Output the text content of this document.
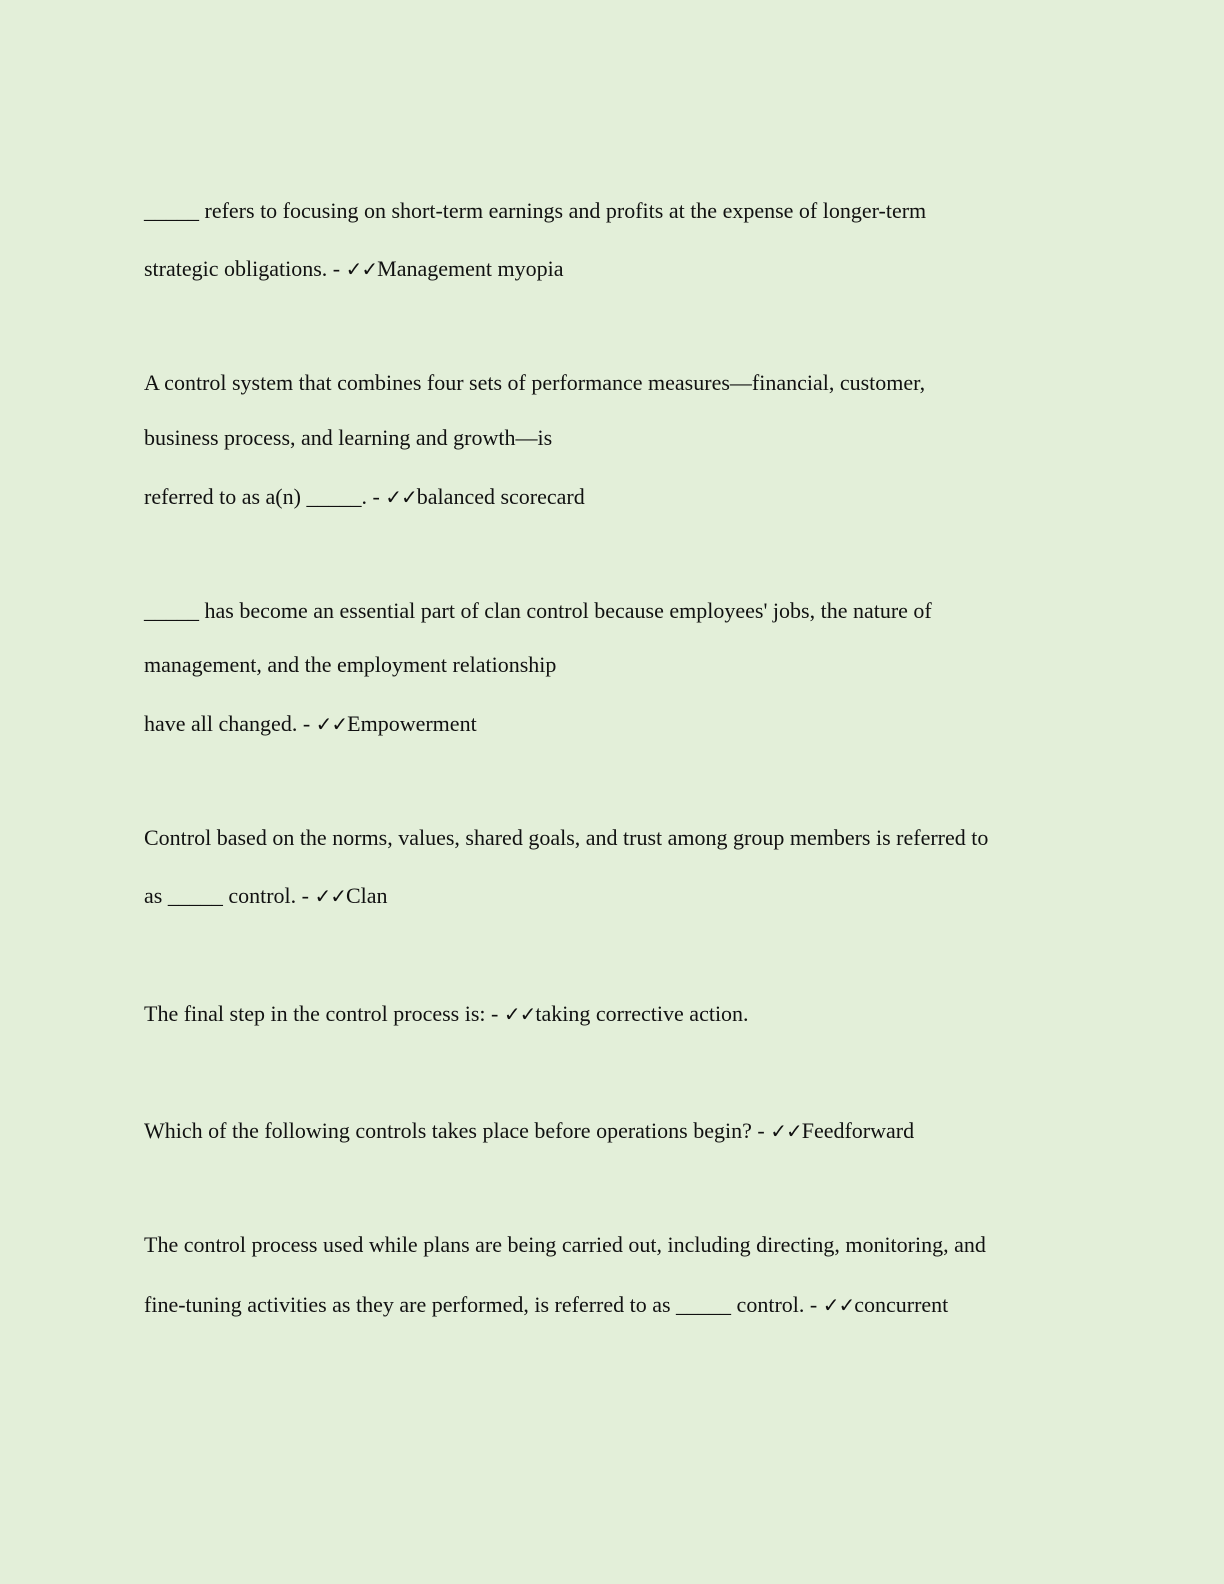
_____ refers to focusing on short-term earnings and profits at the expense of longer-term

strategic obligations. - ✓✓Management myopia

A control system that combines four sets of performance measures—financial, customer,

business process, and learning and growth—is

referred to as a(n) _____. - ✓✓balanced scorecard

_____ has become an essential part of clan control because employees' jobs, the nature of

management, and the employment relationship

have all changed. - ✓✓Empowerment

Control based on the norms, values, shared goals, and trust among group members is referred to

as _____ control. - ✓✓Clan

The final step in the control process is: - ✓✓taking corrective action.

Which of the following controls takes place before operations begin? - ✓✓Feedforward

The control process used while plans are being carried out, including directing, monitoring, and

fine-tuning activities as they are performed, is referred to as _____ control. - ✓✓concurrent
